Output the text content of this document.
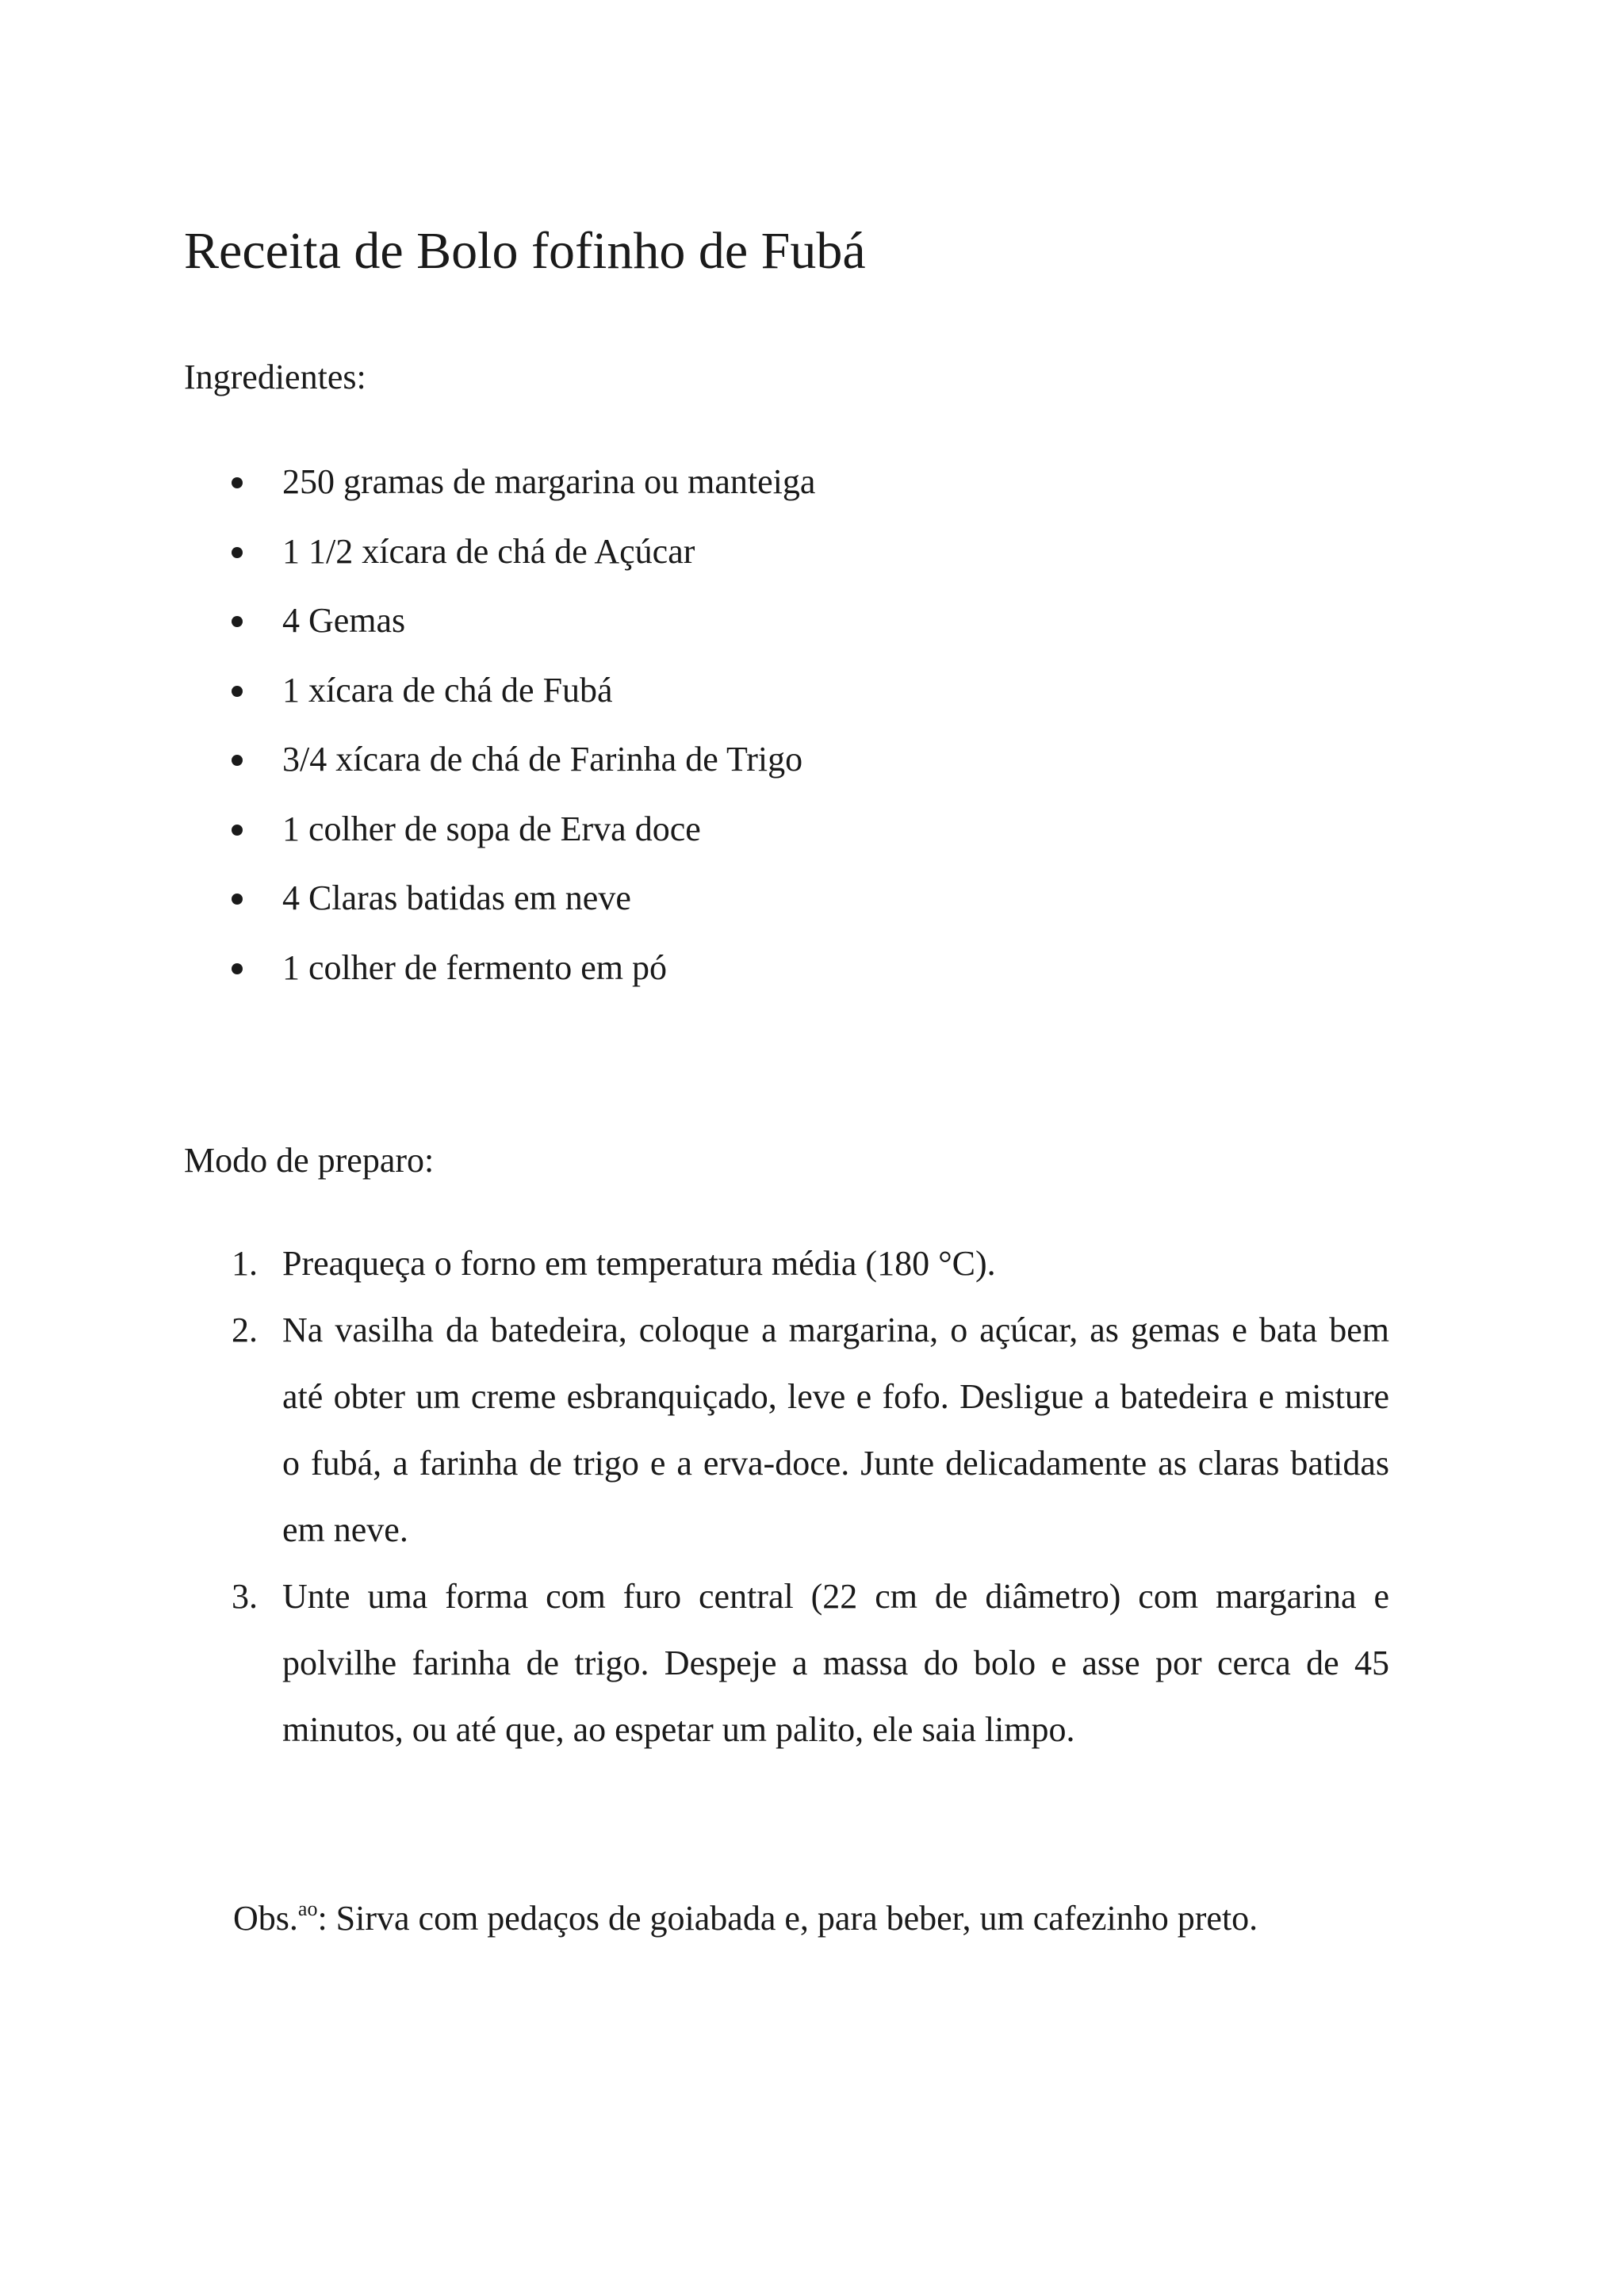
Receita de Bolo fofinho de Fubá
Ingredientes:
250 gramas de margarina ou manteiga
1 1/2 xícara de chá de Açúcar
4 Gemas
1 xícara de chá de Fubá
3/4 xícara de chá de Farinha de Trigo
1 colher de sopa de Erva doce
4 Claras batidas em neve
1 colher de fermento em pó
Modo de preparo:
1. Preaqueça o forno em temperatura média (180 °C).
2. Na vasilha da batedeira, coloque a margarina, o açúcar, as gemas e bata bem até obter um creme esbranquiçado, leve e fofo. Desligue a batedeira e misture o fubá, a farinha de trigo e a erva-doce. Junte delicadamente as claras batidas em neve.
3. Unte uma forma com furo central (22 cm de diâmetro) com margarina e polvilhe farinha de trigo. Despeje a massa do bolo e asse por cerca de 45 minutos, ou até que, ao espetar um palito, ele saia limpo.

Obs.$^{ao}$: Sirva com pedaços de goiabada e, para beber, um cafezinho preto.
